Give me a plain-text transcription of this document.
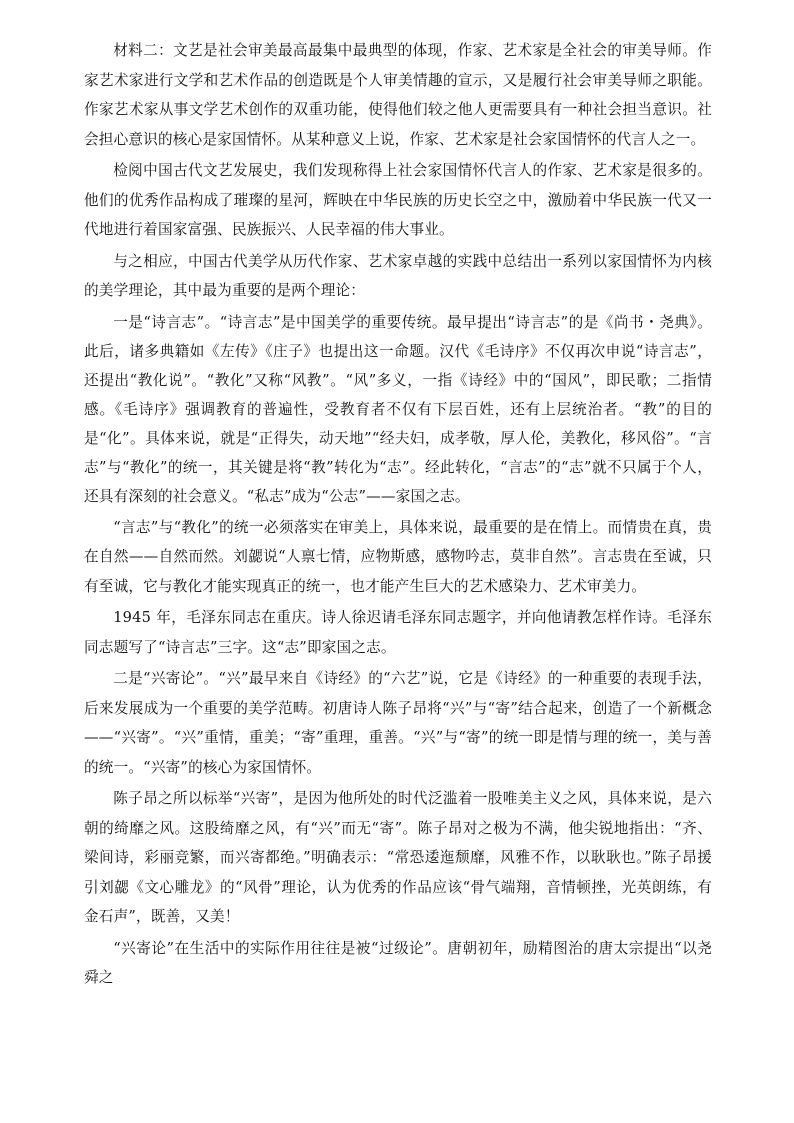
材料二：文艺是社会审美最高最集中最典型的体现，作家、艺术家是全社会的审美导师。作家艺术家进行文学和艺术作品的创造既是个人审美情趣的宣示，又是履行社会审美导师之职能。作家艺术家从事文学艺术创作的双重功能，使得他们较之他人更需要具有一种社会担当意识。社会担心意识的核心是家国情怀。从某种意义上说，作家、艺术家是社会家国情怀的代言人之一。

检阅中国古代文艺发展史，我们发现称得上社会家国情怀代言人的作家、艺术家是很多的。他们的优秀作品构成了璀璨的星河，辉映在中华民族的历史长空之中，激励着中华民族一代又一代地进行着国家富强、民族振兴、人民幸福的伟大事业。

与之相应，中国古代美学从历代作家、艺术家卓越的实践中总结出一系列以家国情怀为内核的美学理论，其中最为重要的是两个理论：

一是“诗言志”。“诗言志”是中国美学的重要传统。最早提出“诗言志”的是《尚书・尧典》。此后，诸多典籍如《左传》《庄子》也提出这一命题。汉代《毛诗序》不仅再次申说“诗言志”，还提出“教化说”。“教化”又称“风教”。“风”多义，一指《诗经》中的“国风”，即民歌；二指情感。《毛诗序》强调教育的普遍性，受教育者不仅有下层百姓，还有上层统治者。“教”的目的是“化”。具体来说，就是“正得失，动天地”“经夫妇，成孝敬，厚人伦，美教化，移风俗”。“言志”与“教化”的统一，其关键是将“教”转化为“志”。经此转化，“言志”的“志”就不只属于个人，还具有深刻的社会意义。“私志”成为“公志”——家国之志。

“言志”与“教化”的统一必须落实在审美上，具体来说，最重要的是在情上。而情贵在真，贵在自然——自然而然。刘勰说“人禀七情，应物斯感，感物吟志，莫非自然”。言志贵在至诚，只有至诚，它与教化才能实现真正的统一，也才能产生巨大的艺术感染力、艺术审美力。

1945 年，毛泽东同志在重庆。诗人徐迟请毛泽东同志题字，并向他请教怎样作诗。毛泽东同志题写了“诗言志”三字。这“志”即家国之志。

二是“兴寄论”。“兴”最早来自《诗经》的“六艺”说，它是《诗经》的一种重要的表现手法，后来发展成为一个重要的美学范畴。初唐诗人陈子昂将“兴”与“寄”结合起来，创造了一个新概念——“兴寄”。“兴”重情，重美；“寄”重理，重善。“兴”与“寄”的统一即是情与理的统一，美与善的统一。“兴寄”的核心为家国情怀。

陈子昂之所以标举“兴寄”，是因为他所处的时代泛滥着一股唯美主义之风，具体来说，是六朝的绮靡之风。这股绮靡之风，有“兴”而无“寄”。陈子昂对之极为不满，他尖锐地指出：“齐、梁间诗，彩丽竞繁，而兴寄都绝。”明确表示：“常恐逶迤颓靡，风雅不作，以耿耿也。”陈子昂援引刘勰《文心雕龙》的“风骨”理论，认为优秀的作品应该“骨气端翔，音情顿挫，光英朗练，有金石声”，既善，又美！

“兴寄论”在生活中的实际作用往往是被“过级论”。唐朝初年，励精图治的唐太宗提出“以尧舜之
